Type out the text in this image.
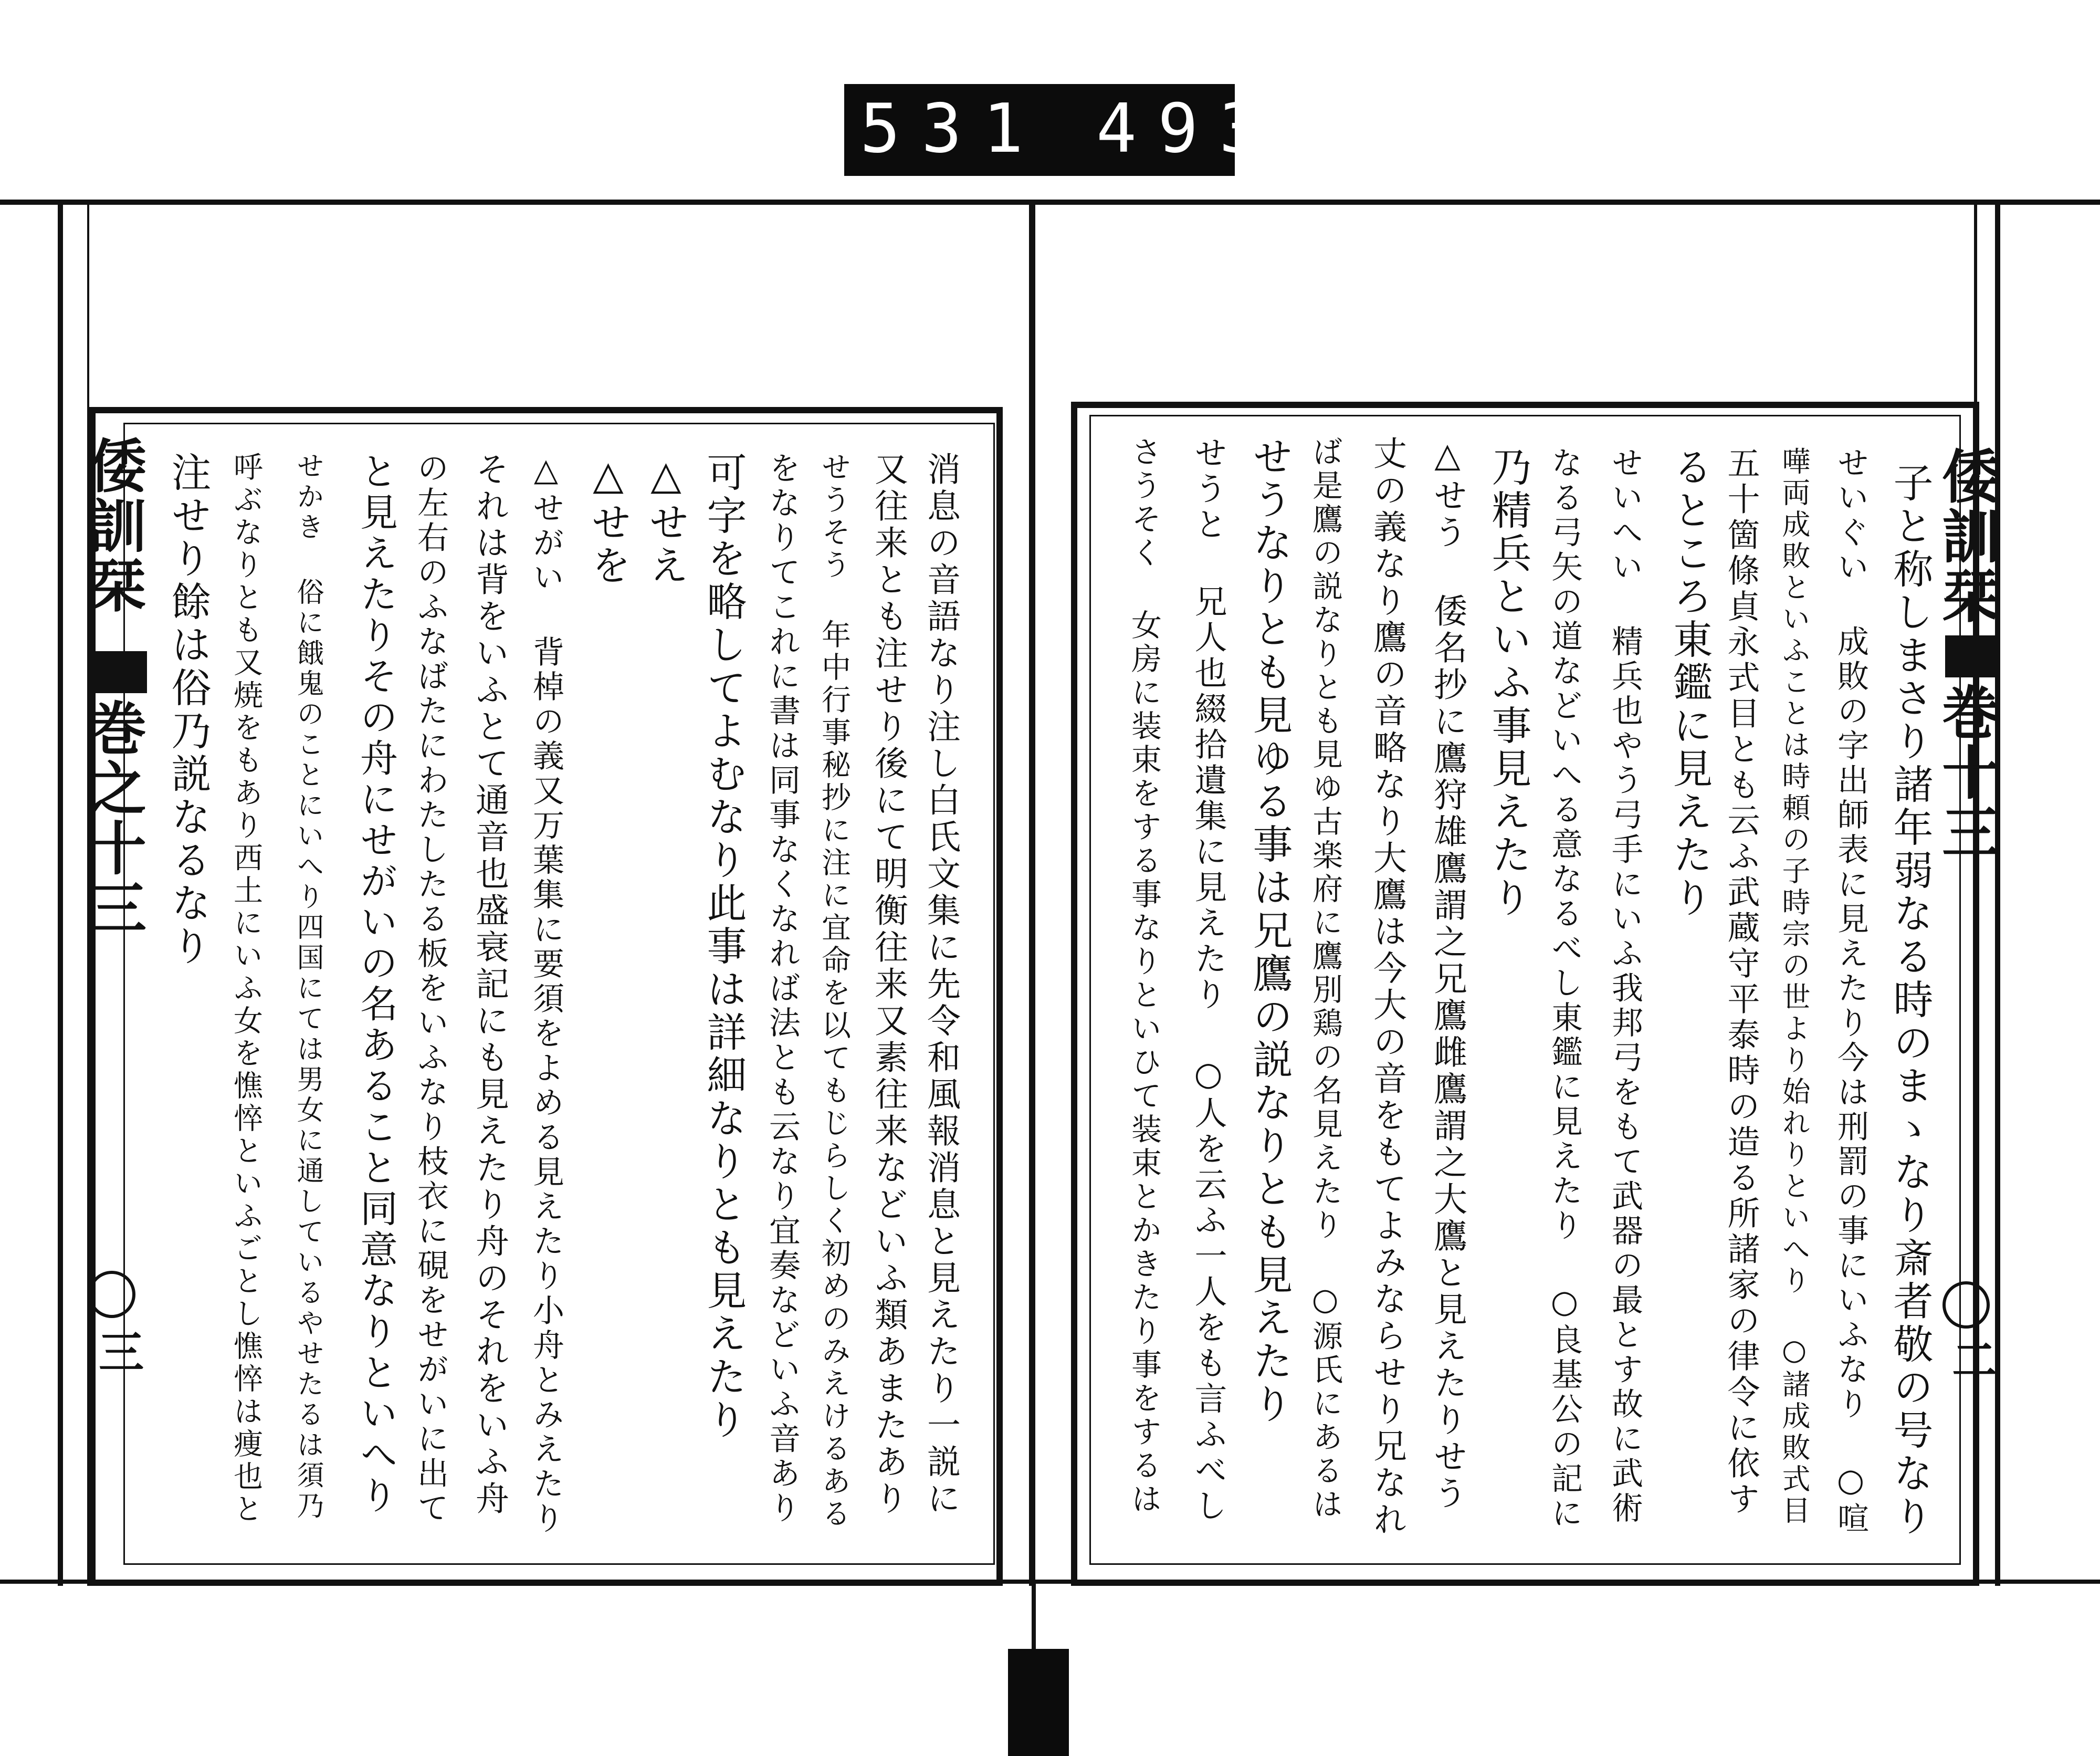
531 493.
倭訓栞
巻之十三
三	消息の音語なり注し白氏文集に先令和風報消息と見えたり一説に
又往来とも注せり後にて明衡往来又素往来などいふ類あまたあり
せうそう 年中行事秘抄に注に宜命を以てもじらしく初めのみえけるある
をなりてこれに書は同事なくなれば法とも云なり宜奏などいふ音あり
可字を略してよむなり此事は詳細なりとも見えたり
△せえ
△せを
△せがい 背棹の義又万葉集に要須をよめる見えたり小舟とみえたり
それは背をいふとて通音也盛衰記にも見えたり舟のそれをいふ舟
の左右のふなばたにわたしたる板をいふなり枝衣に硯をせがいに出て
と見えたりその舟にせがいの名あること同意なりといへり
せかき 俗に餓鬼のことにいへり四国にては男女に通しているやせたるは須乃
呼ぶなりとも又焼をもあり西土にいふ女を憔悴といふごとし憔悴は痩也と
注せり餘は俗乃説なるなり	倭訓栞
巻十三
二
子と称しまさり諸年弱なる時のまゝなり斎者敬の号なり
せいぐい 成敗の字出師表に見えたり今は刑罰の事にいふなり ○喧
嘩両成敗といふことは時頼の子時宗の世より始れりといへり ○諸成敗式目
五十箇條貞永式目とも云ふ武蔵守平泰時の造る所諸家の律令に依す
るところ東鑑に見えたり
せいへい 精兵也やう弓手にいふ我邦弓をもて武器の最とす故に武術
なる弓矢の道などいへる意なるべし東鑑に見えたり ○良基公の記に
乃精兵といふ事見えたり
△せう 倭名抄に鷹狩雄鷹謂之兄鷹雌鷹謂之大鷹と見えたりせう
丈の義なり鷹の音略なり大鷹は今大の音をもてよみならせり兄なれ
ば是鷹の説なりとも見ゆ古楽府に鷹別鶏の名見えたり ○源氏にあるは
せうなりとも見ゆる事は兄鷹の説なりとも見えたり
せうと 兄人也綴拾遺集に見えたり ○人を云ふ一人をも言ふべし
さうそく 女房に装束をする事なりといひて装束とかきたり事をするは
